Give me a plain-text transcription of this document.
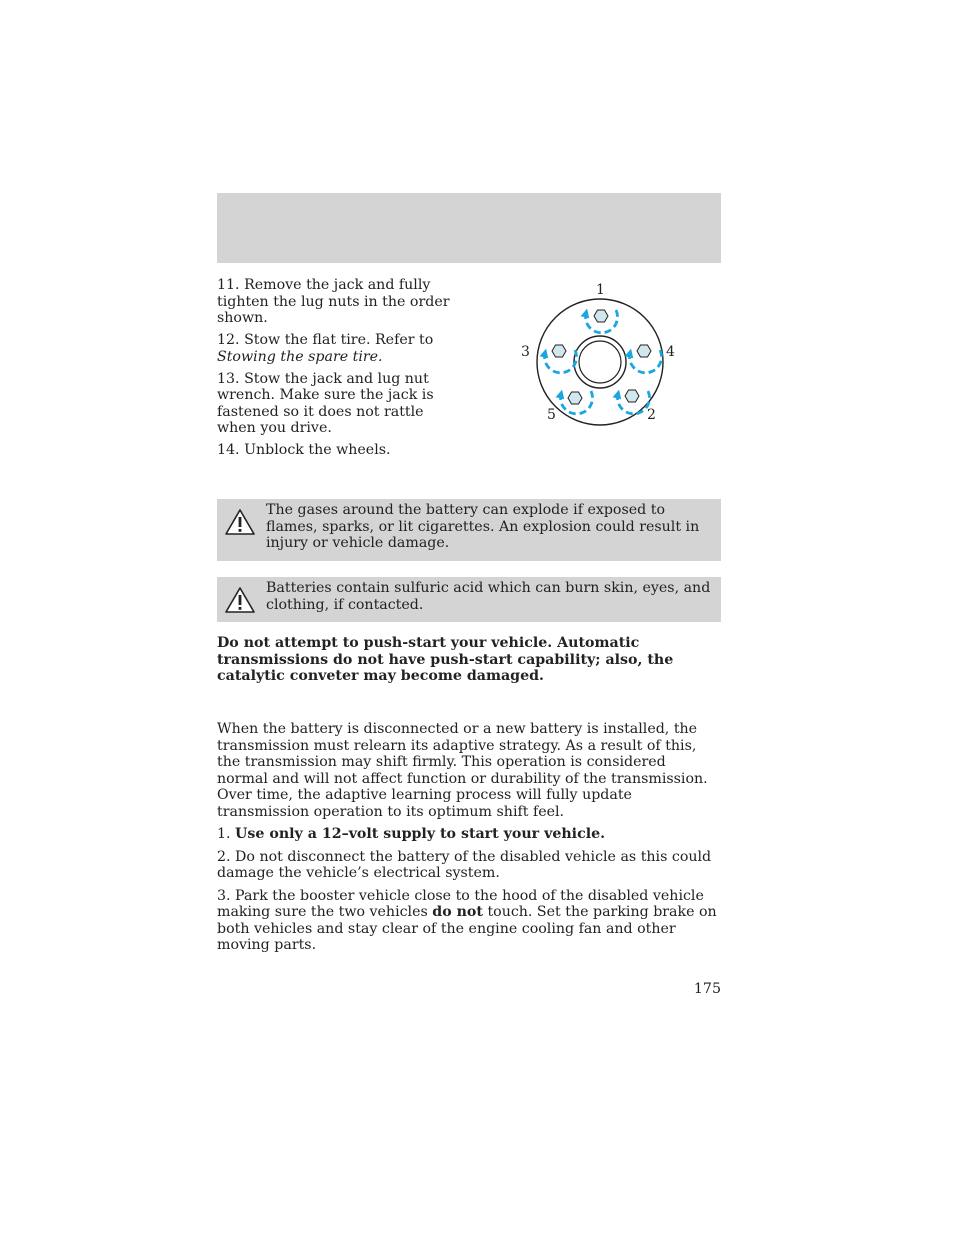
11. Remove the jack and fully tighten the lug nuts in the order shown.

12. Stow the flat tire. Refer to Stowing the spare tire.

13. Stow the jack and lug nut wrench. Make sure the jack is fastened so it does not rattle when you drive.

14. Unblock the wheels.

1
2
3	4
5
The gases around the battery can explode if exposed to flames, sparks, or lit cigarettes. An explosion could result in injury or vehicle damage.
Batteries contain sulfuric acid which can burn skin, eyes, and clothing, if contacted.

Do not attempt to push-start your vehicle. Automatic transmissions do not have push-start capability; also, the catalytic conveter may become damaged.

When the battery is disconnected or a new battery is installed, the transmission must relearn its adaptive strategy. As a result of this, the transmission may shift firmly. This operation is considered normal and will not affect function or durability of the transmission. Over time, the adaptive learning process will fully update transmission operation to its optimum shift feel.

1. Use only a 12–volt supply to start your vehicle.

2. Do not disconnect the battery of the disabled vehicle as this could damage the vehicle’s electrical system.

3. Park the booster vehicle close to the hood of the disabled vehicle making sure the two vehicles do not touch. Set the parking brake on both vehicles and stay clear of the engine cooling fan and other moving parts.

175
